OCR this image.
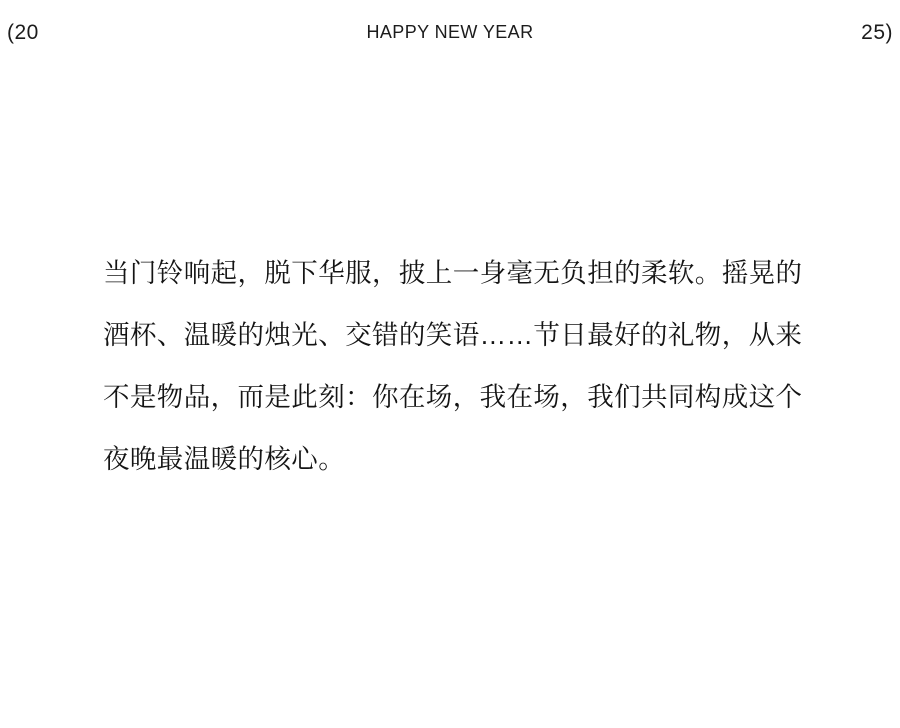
(20	HAPPY NEW YEAR	25)
当门铃响起，脱下华服，披上一身毫无负担的柔软。摇晃的
酒杯、温暖的烛光、交错的笑语……节日最好的礼物，从来
不是物品，而是此刻：你在场，我在场，我们共同构成这个
夜晚最温暖的核心。
